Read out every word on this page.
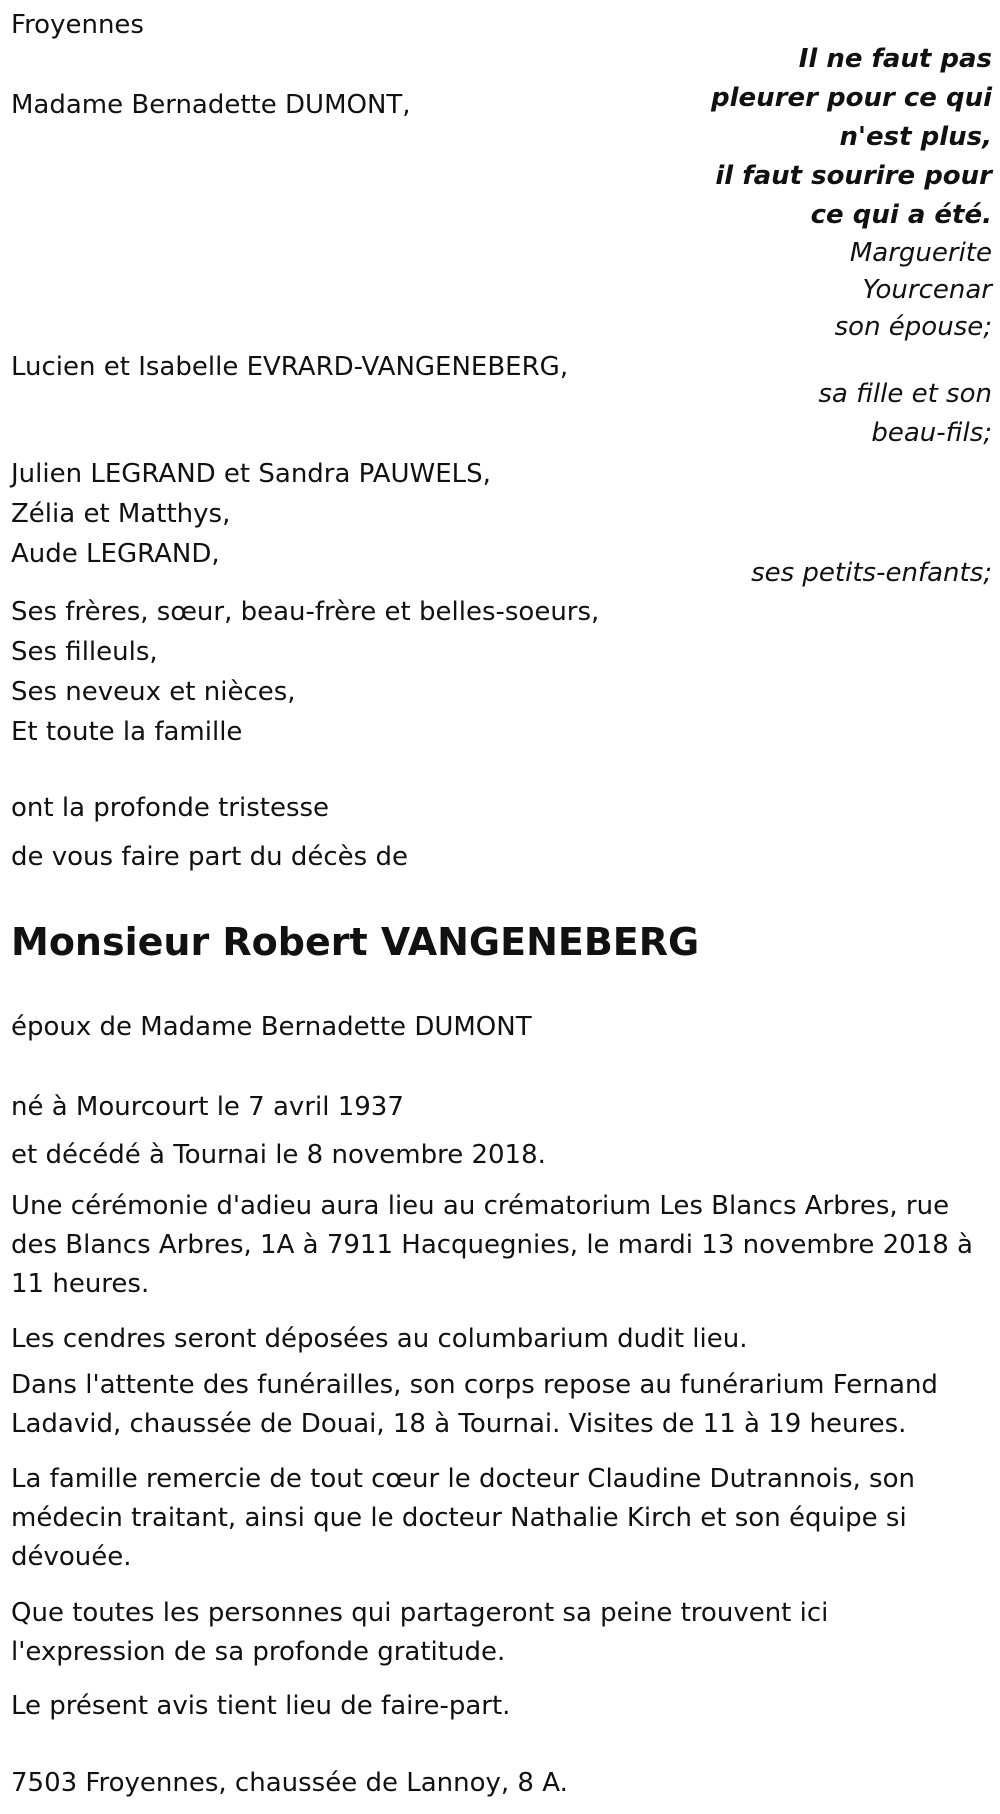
Froyennes
Il ne faut pas
pleurer pour ce qui
n'est plus,
il faut sourire pour
ce qui a été.
Marguerite
Yourcenar
son épouse;
Madame Bernadette DUMONT,
Lucien et Isabelle EVRARD-VANGENEBERG,
sa fille et son
beau-fils;
Julien LEGRAND et Sandra PAUWELS,
Zélia et Matthys,
Aude LEGRAND,
ses petits-enfants;
Ses frères, sœur, beau-frère et belles-soeurs,
Ses filleuls,
Ses neveux et nièces,
Et toute la famille
ont la profonde tristesse
de vous faire part du décès de
Monsieur Robert VANGENEBERG
époux de Madame Bernadette DUMONT
né à Mourcourt le 7 avril 1937
et décédé à Tournai le 8 novembre 2018.
Une cérémonie d'adieu aura lieu au crématorium Les Blancs Arbres, rue des Blancs Arbres, 1A à 7911 Hacquegnies, le mardi 13 novembre 2018 à 11 heures.
Les cendres seront déposées au columbarium dudit lieu.
Dans l'attente des funérailles, son corps repose au funérarium Fernand Ladavid, chaussée de Douai, 18 à Tournai. Visites de 11 à 19 heures.
La famille remercie de tout cœur le docteur Claudine Dutrannois, son médecin traitant, ainsi que le docteur Nathalie Kirch et son équipe si dévouée.
Que toutes les personnes qui partageront sa peine trouvent ici l'expression de sa profonde gratitude.
Le présent avis tient lieu de faire-part.
7503 Froyennes, chaussée de Lannoy, 8 A.
